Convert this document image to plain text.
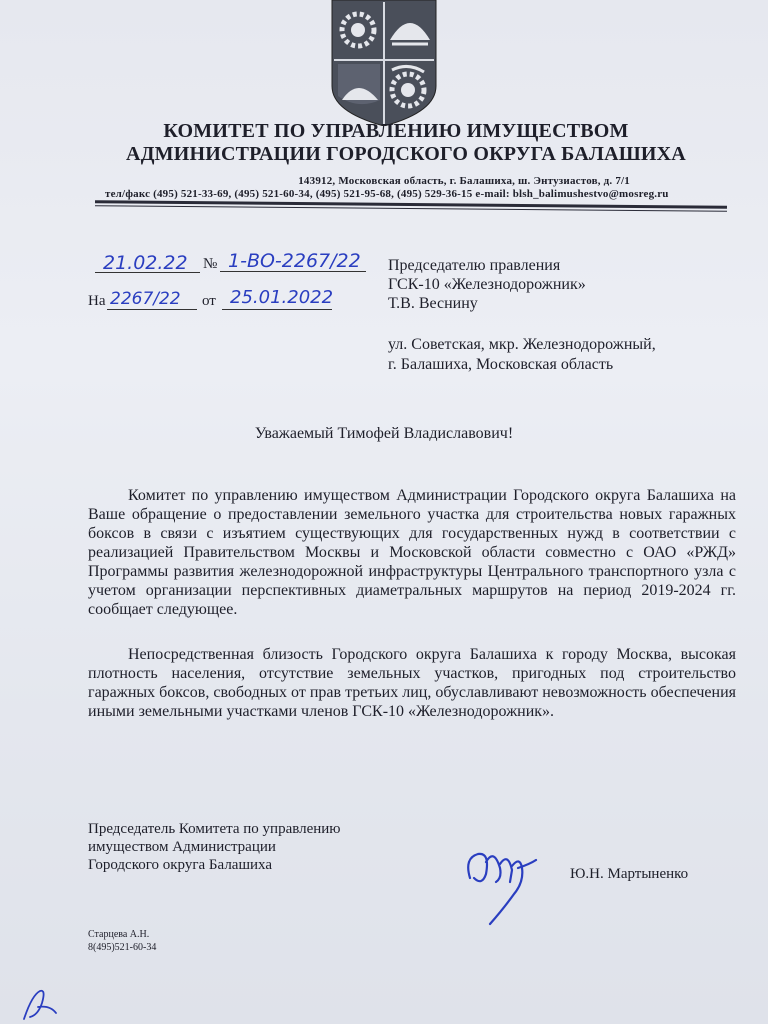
КОМИТЕТ ПО УПРАВЛЕНИЮ ИМУЩЕСТВОМ
АДМИНИСТРАЦИИ ГОРОДСКОГО ОКРУГА БАЛАШИХА
143912, Московская область, г. Балашиха, ш. Энтузиастов, д. 7/1
тел/факс (495) 521-33-69, (495) 521-60-34, (495) 521-95-68, (495) 529-36-15 e-mail: blsh_balimushestvo@mosreg.ru
21.02.22 № 1-ВО-2267/22
На 2267/22 от 25.01.2022
Председателю правления
ГСК-10 «Железнодорожник»
Т.В. Веснину
ул. Советская, мкр. Железнодорожный,
г. Балашиха, Московская область
Уважаемый Тимофей Владиславович!
Комитет по управлению имуществом Администрации Городского округа Балашиха на Ваше обращение о предоставлении земельного участка для строительства новых гаражных боксов в связи с изъятием существующих для государственных нужд в соответствии с реализацией Правительством Москвы и Московской области совместно с ОАО «РЖД» Программы развития железнодорожной инфраструктуры Центрального транспортного узла с учетом организации перспективных диаметральных маршрутов на период 2019-2024 гг. сообщает следующее.
Непосредственная близость Городского округа Балашиха к городу Москва, высокая плотность населения, отсутствие земельных участков, пригодных под строительство гаражных боксов, свободных от прав третьих лиц, обуславливают невозможность обеспечения иными земельными участками членов ГСК-10 «Железнодорожник».
Председатель Комитета по управлению
имуществом Администрации
Городского округа Балашиха
Ю.Н. Мартыненко
Старцева А.Н.
8(495)521-60-34
